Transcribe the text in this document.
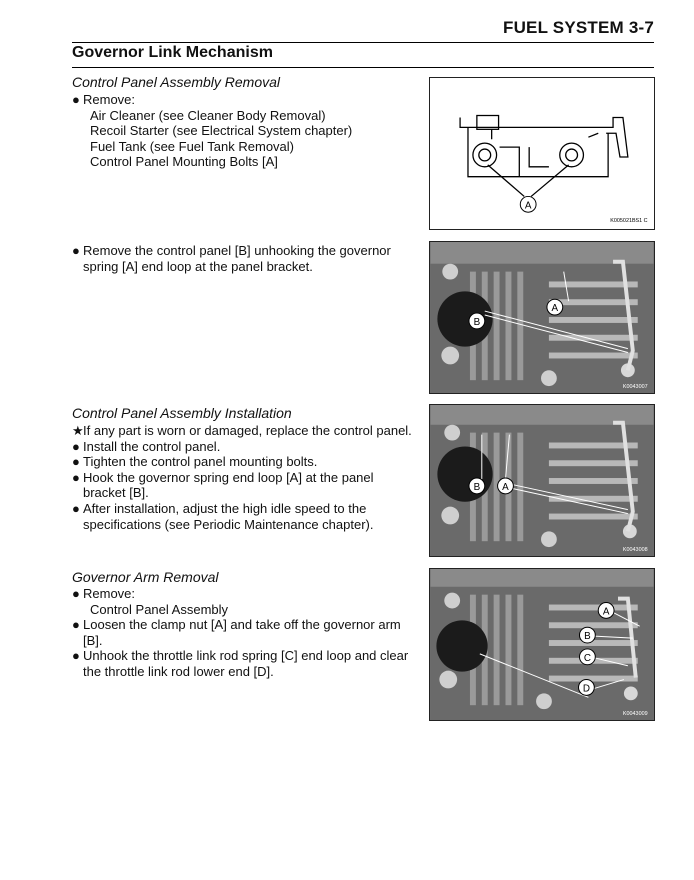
FUEL SYSTEM 3-7
Governor Link Mechanism
Control Panel Assembly Removal
● Remove:
Air Cleaner (see Cleaner Body Removal)
Recoil Starter (see Electrical System chapter)
Fuel Tank (see Fuel Tank Removal)
Control Panel Mounting Bolts [A]
A
K005021BS1 C
● Remove the control panel [B] unhooking the governor spring [A] end loop at the panel bracket.
B
A
K0043007
Control Panel Assembly Installation
★ If any part is worn or damaged, replace the control panel.
● Install the control panel.
● Tighten the control panel mounting bolts.
● Hook the governor spring end loop [A] at the panel bracket [B].
● After installation, adjust the high idle speed to the specifications (see Periodic Maintenance chapter).
B A
K0043008
Governor Arm Removal
● Remove:
Control Panel Assembly
● Loosen the clamp nut [A] and take off the governor arm [B].
● Unhook the throttle link rod spring [C] end loop and clear the throttle link rod lower end [D].
A
B
C
D
K0043009
